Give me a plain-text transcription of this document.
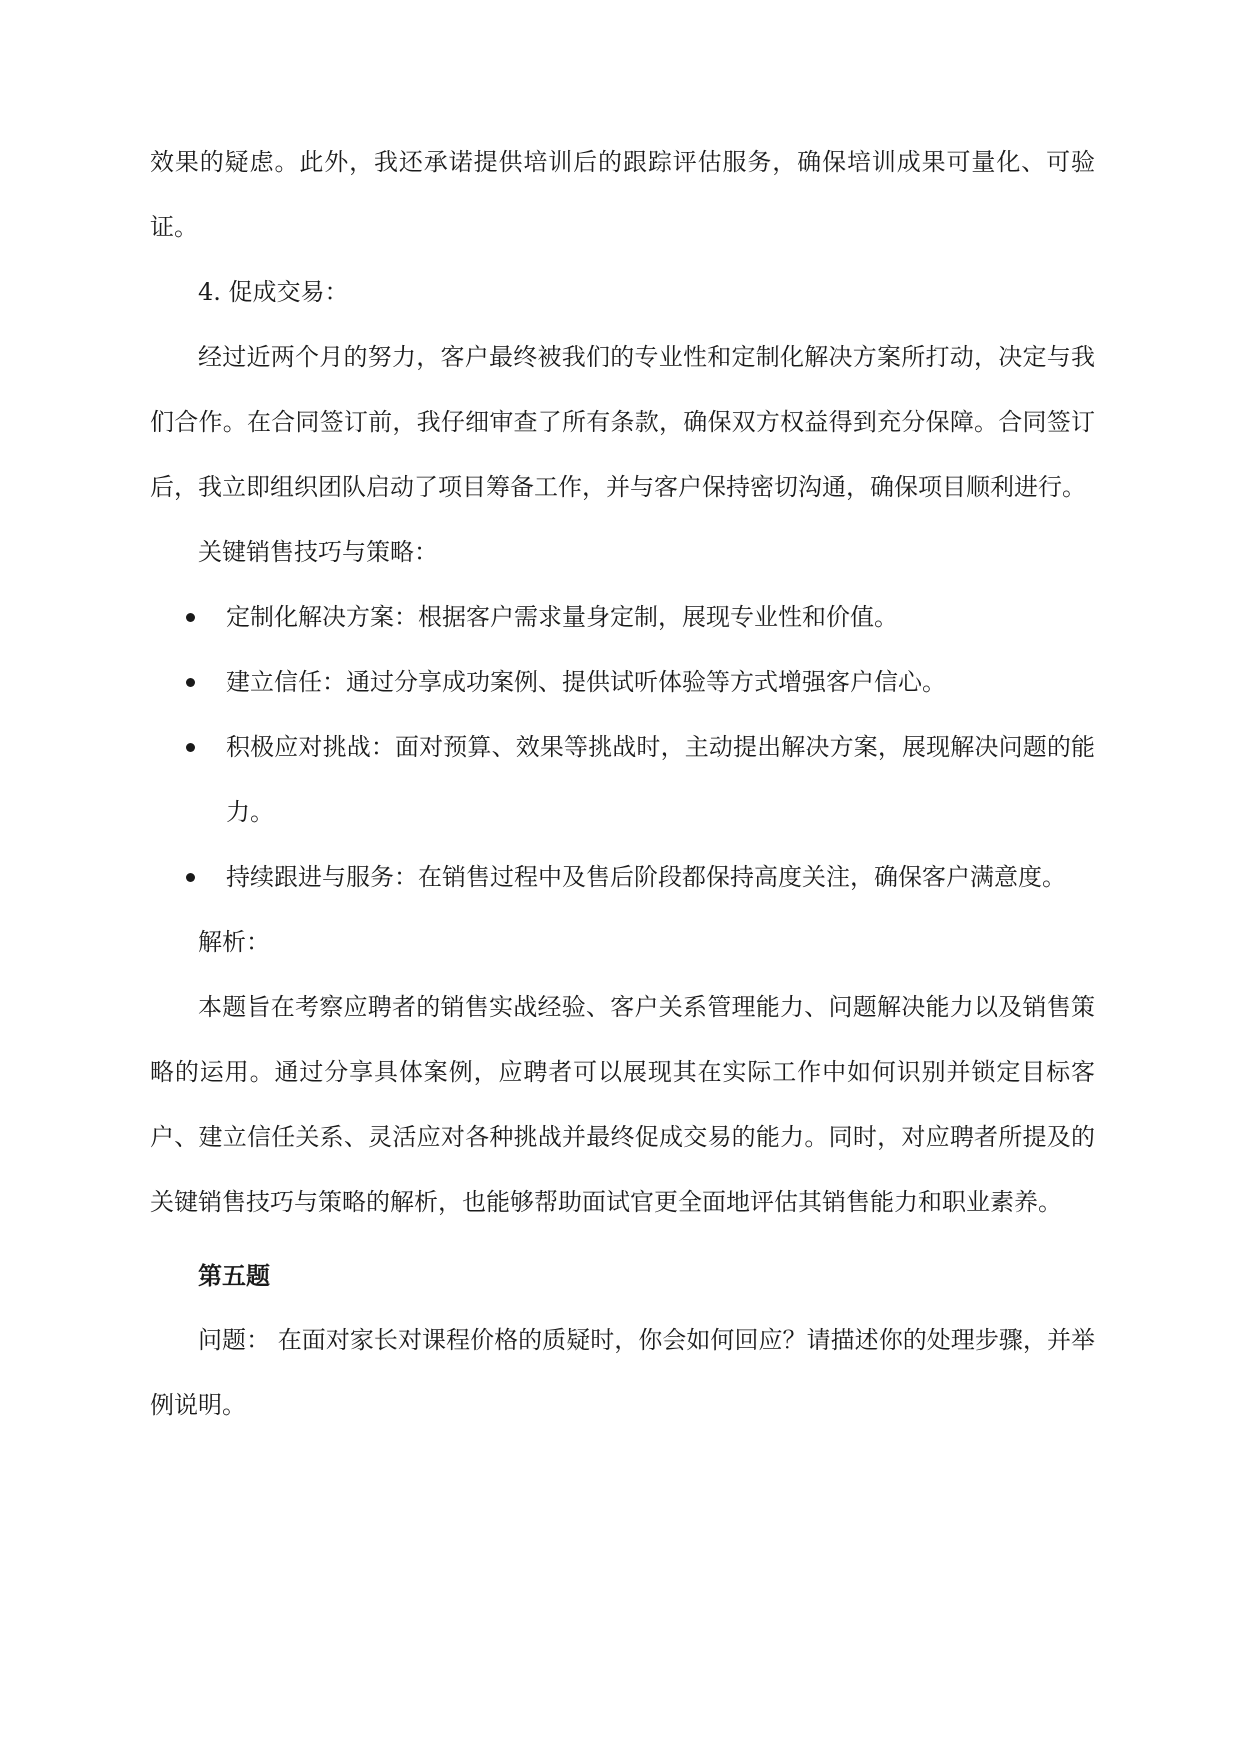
效果的疑虑。此外，我还承诺提供培训后的跟踪评估服务，确保培训成果可量化、可验证。

4. 促成交易：

经过近两个月的努力，客户最终被我们的专业性和定制化解决方案所打动，决定与我们合作。在合同签订前，我仔细审查了所有条款，确保双方权益得到充分保障。合同签订后，我立即组织团队启动了项目筹备工作，并与客户保持密切沟通，确保项目顺利进行。

关键销售技巧与策略：

定制化解决方案：根据客户需求量身定制，展现专业性和价值。
建立信任：通过分享成功案例、提供试听体验等方式增强客户信心。
积极应对挑战：面对预算、效果等挑战时，主动提出解决方案，展现解决问题的能力。
持续跟进与服务：在销售过程中及售后阶段都保持高度关注，确保客户满意度。

解析：

本题旨在考察应聘者的销售实战经验、客户关系管理能力、问题解决能力以及销售策略的运用。通过分享具体案例，应聘者可以展现其在实际工作中如何识别并锁定目标客户、建立信任关系、灵活应对各种挑战并最终促成交易的能力。同时，对应聘者所提及的关键销售技巧与策略的解析，也能够帮助面试官更全面地评估其销售能力和职业素养。

第五题

问题： 在面对家长对课程价格的质疑时，你会如何回应？请描述你的处理步骤，并举例说明。
